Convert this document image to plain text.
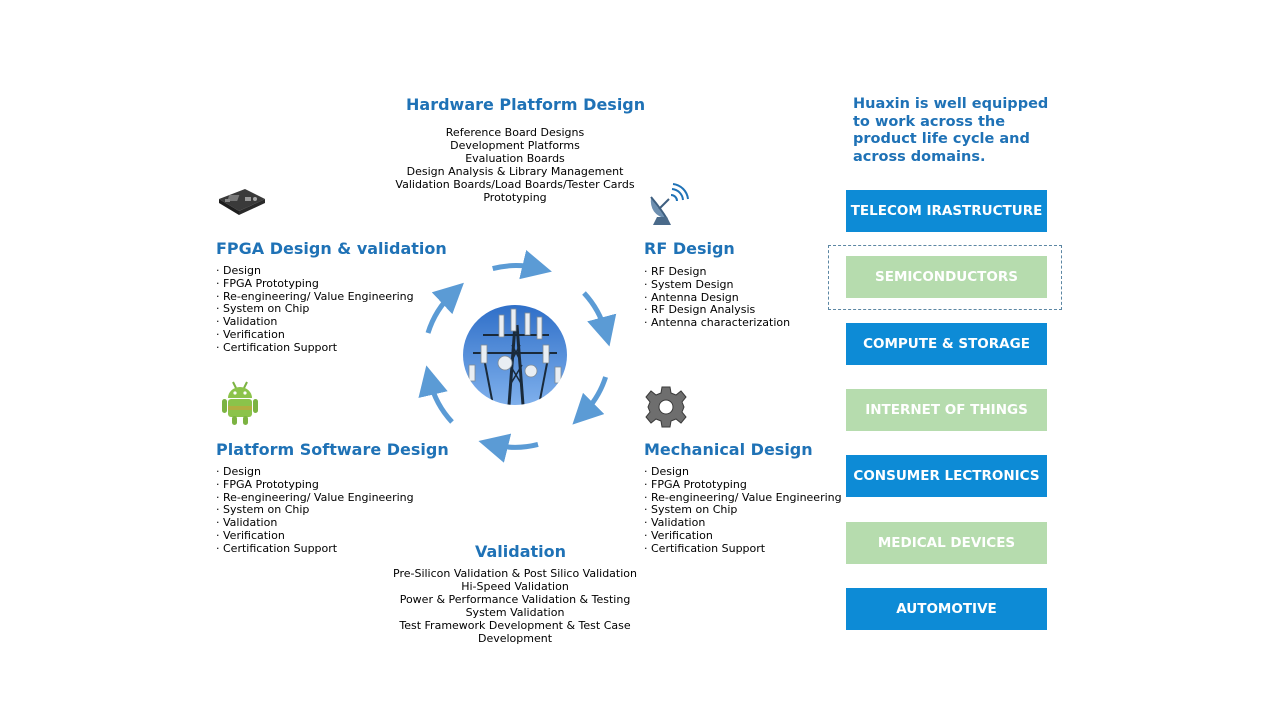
Hardware Platform Design
Reference Board Designs
Development Platforms
Evaluation Boards
Design Analysis & Library Management
Validation Boards/Load Boards/Tester Cards
Prototyping
FPGA Design & validation
· Design
· FPGA Prototyping
· Re-engineering/ Value Engineering
· System on Chip
· Validation
· Verification
· Certification Support
RF Design
· RF Design
· System Design
· Antenna Design
· RF Design Analysis
· Antenna characterization
Platform Software Design
· Design
· FPGA Prototyping
· Re-engineering/ Value Engineering
· System on Chip
· Validation
· Verification
· Certification Support
Mechanical Design
· Design
· FPGA Prototyping
· Re-engineering/ Value Engineering
· System on Chip
· Validation
· Verification
· Certification Support
Validation
Pre-Silicon Validation & Post Silico Validation
Hi-Speed Validation
Power & Performance Validation & Testing
System Validation
Test Framework Development & Test Case
Development
Huaxin is well equipped to work across the product life cycle and across domains.
TELECOM IRASTRUCTURE
SEMICONDUCTORS
COMPUTE & STORAGE
INTERNET OF THINGS
CONSUMER LECTRONICS
MEDICAL DEVICES
AUTOMOTIVE
